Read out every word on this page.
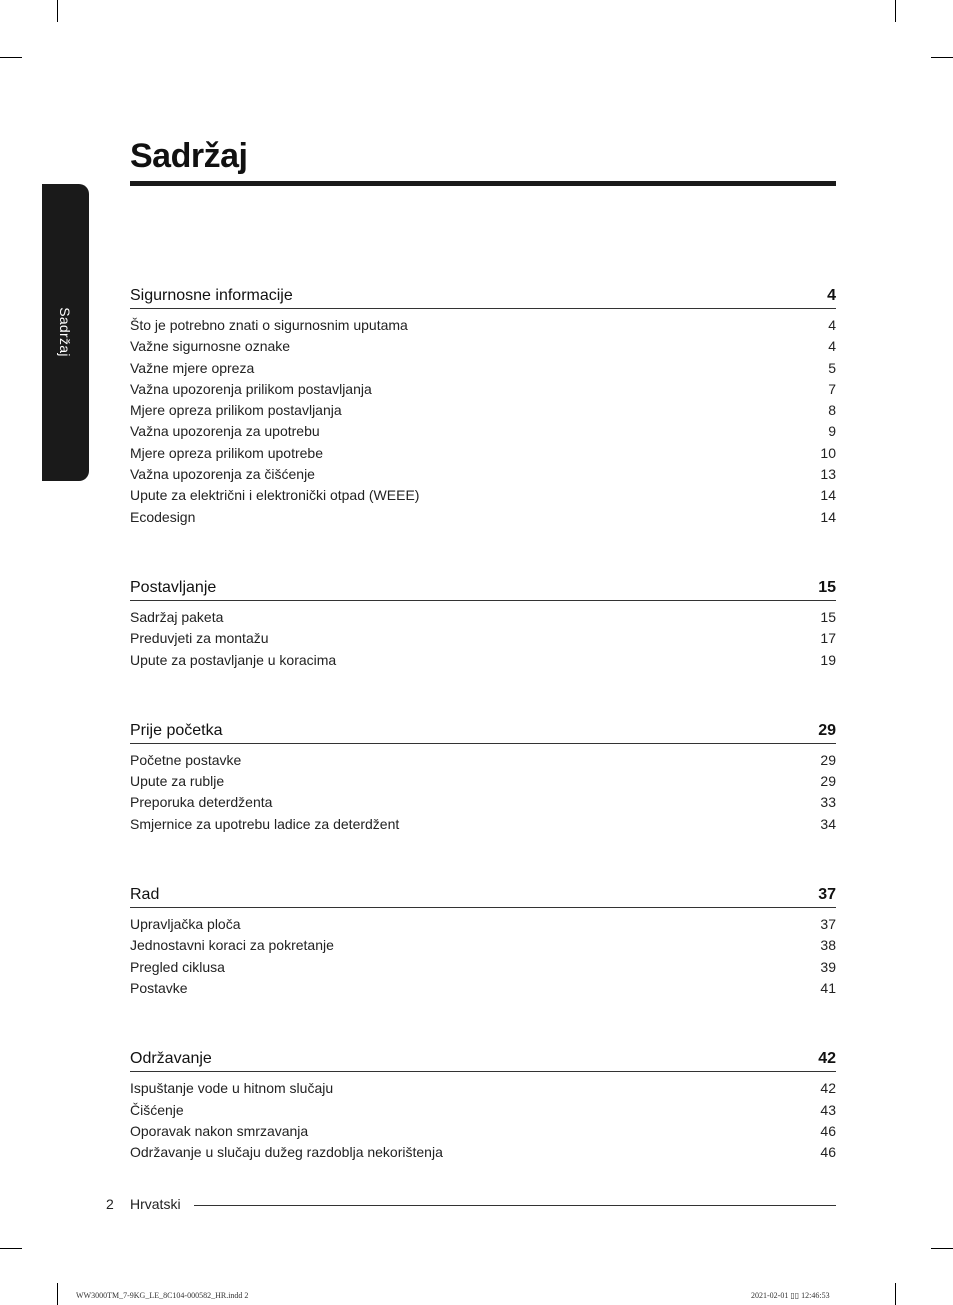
Sadržaj
Sadržaj
Sigurnosne informacije	4
Što je potrebno znati o sigurnosnim uputama	4
Važne sigurnosne oznake	4
Važne mjere opreza	5
Važna upozorenja prilikom postavljanja	7
Mjere opreza prilikom postavljanja	8
Važna upozorenja za upotrebu	9
Mjere opreza prilikom upotrebe	10
Važna upozorenja za čišćenje	13
Upute za električni i elektronički otpad (WEEE)	14
Ecodesign	14
Postavljanje	15
Sadržaj paketa	15
Preduvjeti za montažu	17
Upute za postavljanje u koracima	19
Prije početka	29
Početne postavke	29
Upute za rublje	29
Preporuka deterdženta	33
Smjernice za upotrebu ladice za deterdžent	34
Rad	37
Upravljačka ploča	37
Jednostavni koraci za pokretanje	38
Pregled ciklusa	39
Postavke	41
Održavanje	42
Ispuštanje vode u hitnom slučaju	42
Čišćenje	43
Oporavak nakon smrzavanja	46
Održavanje u slučaju dužeg razdoblja nekorištenja	46
2 Hrvatski
WW3000TM_7-9KG_LE_8C104-000582_HR.indd 2	2021-02-01 ▯▯ 12:46:53
